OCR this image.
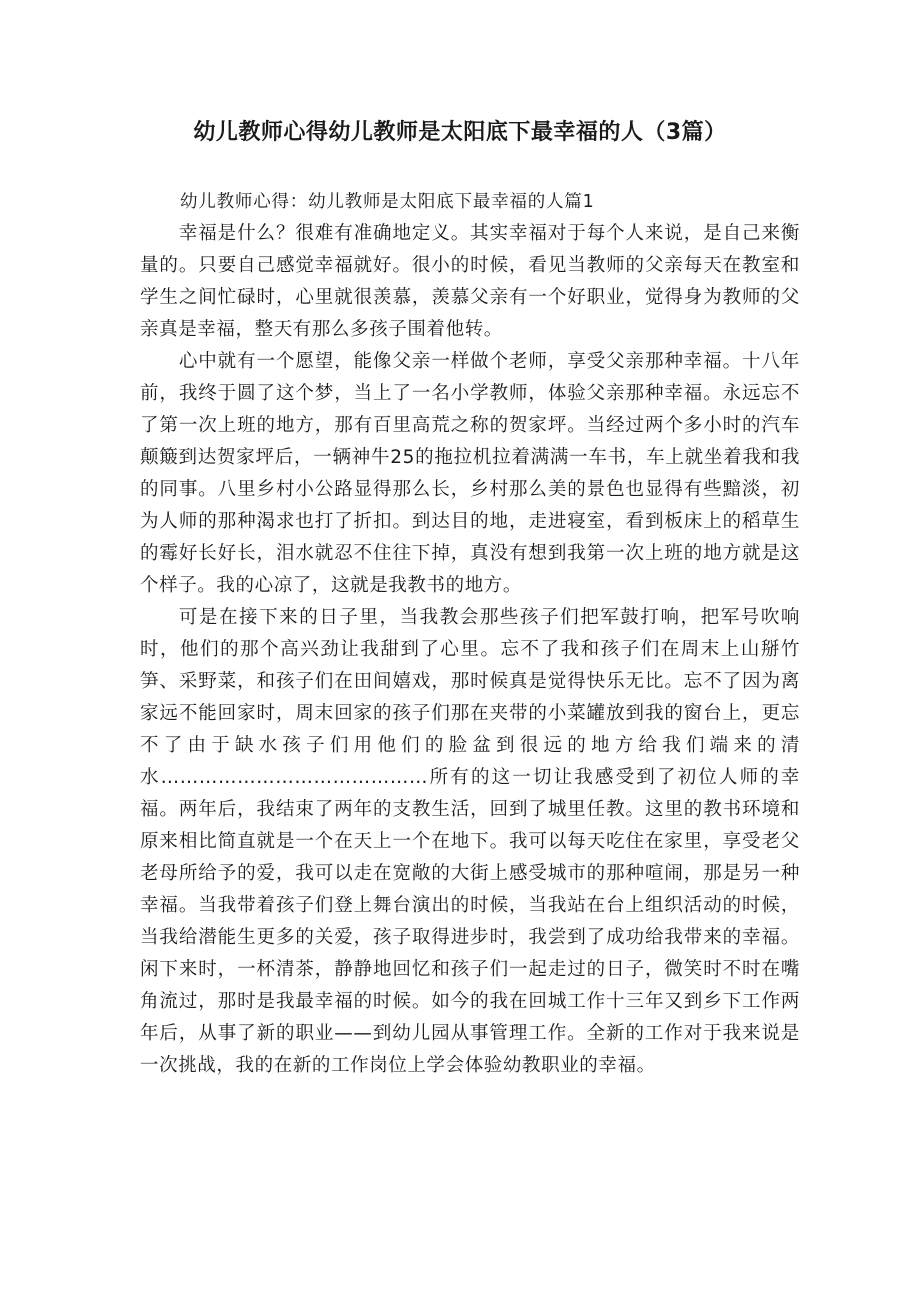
幼儿教师心得幼儿教师是太阳底下最幸福的人（3篇）

幼儿教师心得：幼儿教师是太阳底下最幸福的人篇1

幸福是什么？很难有准确地定义。其实幸福对于每个人来说，是自己来衡量的。只要自己感觉幸福就好。很小的时候，看见当教师的父亲每天在教室和学生之间忙碌时，心里就很羡慕，羡慕父亲有一个好职业，觉得身为教师的父亲真是幸福，整天有那么多孩子围着他转。

心中就有一个愿望，能像父亲一样做个老师，享受父亲那种幸福。十八年前，我终于圆了这个梦，当上了一名小学教师，体验父亲那种幸福。永远忘不了第一次上班的地方，那有百里高荒之称的贺家坪。当经过两个多小时的汽车颠簸到达贺家坪后，一辆神牛25的拖拉机拉着满满一车书，车上就坐着我和我的同事。八里乡村小公路显得那么长，乡村那么美的景色也显得有些黯淡，初为人师的那种渴求也打了折扣。到达目的地，走进寝室，看到板床上的稻草生的霉好长好长，泪水就忍不住往下掉，真没有想到我第一次上班的地方就是这个样子。我的心凉了，这就是我教书的地方。

可是在接下来的日子里，当我教会那些孩子们把军鼓打响，把军号吹响时，他们的那个高兴劲让我甜到了心里。忘不了我和孩子们在周末上山掰竹笋、采野菜，和孩子们在田间嬉戏，那时候真是觉得快乐无比。忘不了因为离家远不能回家时，周末回家的孩子们那在夹带的小菜罐放到我的窗台上，更忘不了由于缺水孩子们用他们的脸盆到很远的地方给我们端来的清水……………………………………所有的这一切让我感受到了初位人师的幸福。两年后，我结束了两年的支教生活，回到了城里任教。这里的教书环境和原来相比简直就是一个在天上一个在地下。我可以每天吃住在家里，享受老父老母所给予的爱，我可以走在宽敞的大街上感受城市的那种喧闹，那是另一种幸福。当我带着孩子们登上舞台演出的时候，当我站在台上组织活动的时候，当我给潜能生更多的关爱，孩子取得进步时，我尝到了成功给我带来的幸福。闲下来时，一杯清茶，静静地回忆和孩子们一起走过的日子，微笑时不时在嘴角流过，那时是我最幸福的时候。如今的我在回城工作十三年又到乡下工作两年后，从事了新的职业——到幼儿园从事管理工作。全新的工作对于我来说是一次挑战，我的在新的工作岗位上学会体验幼教职业的幸福。
